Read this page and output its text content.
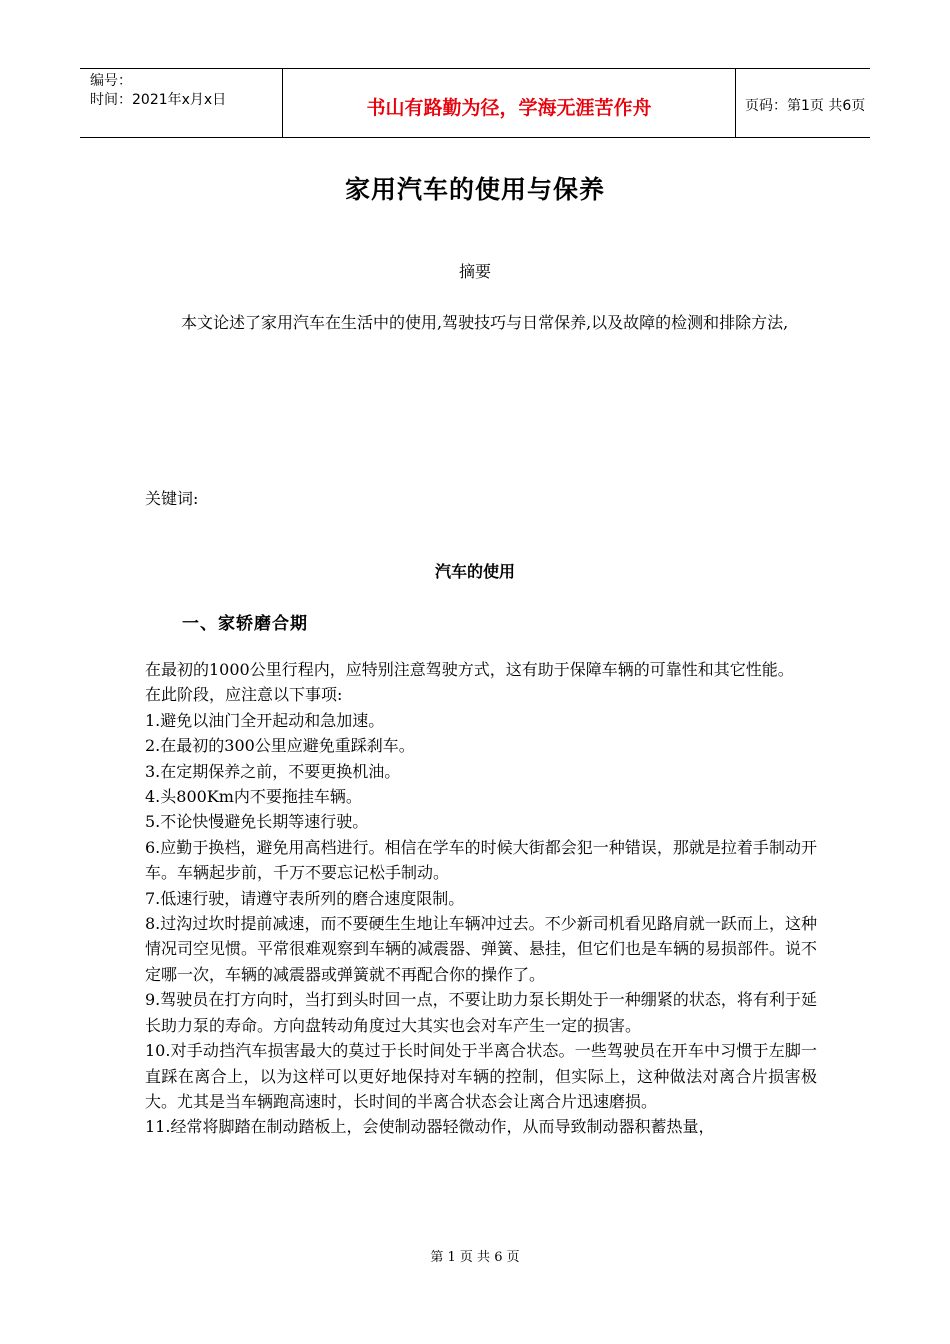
编号：
时间：2021年x月x日	书山有路勤为径，学海无涯苦作舟	页码：第1页 共6页
家用汽车的使用与保养
摘要
本文论述了家用汽车在生活中的使用,驾驶技巧与日常保养,以及故障的检测和排除方法,
关键词:
汽车的使用
一、家轿磨合期

在最初的1000公里行程内，应特别注意驾驶方式，这有助于保障车辆的可靠性和其它性能。

在此阶段，应注意以下事项:

1.避免以油门全开起动和急加速。

2.在最初的300公里应避免重踩刹车。

3.在定期保养之前，不要更换机油。

4.头800Km内不要拖挂车辆。

5.不论快慢避免长期等速行驶。

6.应勤于换档，避免用高档进行。相信在学车的时候大街都会犯一种错误，那就是拉着手制动开车。车辆起步前，千万不要忘记松手制动。

7.低速行驶，请遵守表所列的磨合速度限制。

8.过沟过坎时提前减速，而不要硬生生地让车辆冲过去。不少新司机看见路肩就一跃而上，这种情况司空见惯。平常很难观察到车辆的减震器、弹簧、悬挂，但它们也是车辆的易损部件。说不定哪一次，车辆的减震器或弹簧就不再配合你的操作了。

9.驾驶员在打方向时，当打到头时回一点，不要让助力泵长期处于一种绷紧的状态，将有利于延长助力泵的寿命。方向盘转动角度过大其实也会对车产生一定的损害。

10.对手动挡汽车损害最大的莫过于长时间处于半离合状态。一些驾驶员在开车中习惯于左脚一直踩在离合上，以为这样可以更好地保持对车辆的控制，但实际上，这种做法对离合片损害极大。尤其是当车辆跑高速时，长时间的半离合状态会让离合片迅速磨损。

11.经常将脚踏在制动踏板上，会使制动器轻微动作，从而导致制动器积蓄热量，

第 1 页 共 6 页
